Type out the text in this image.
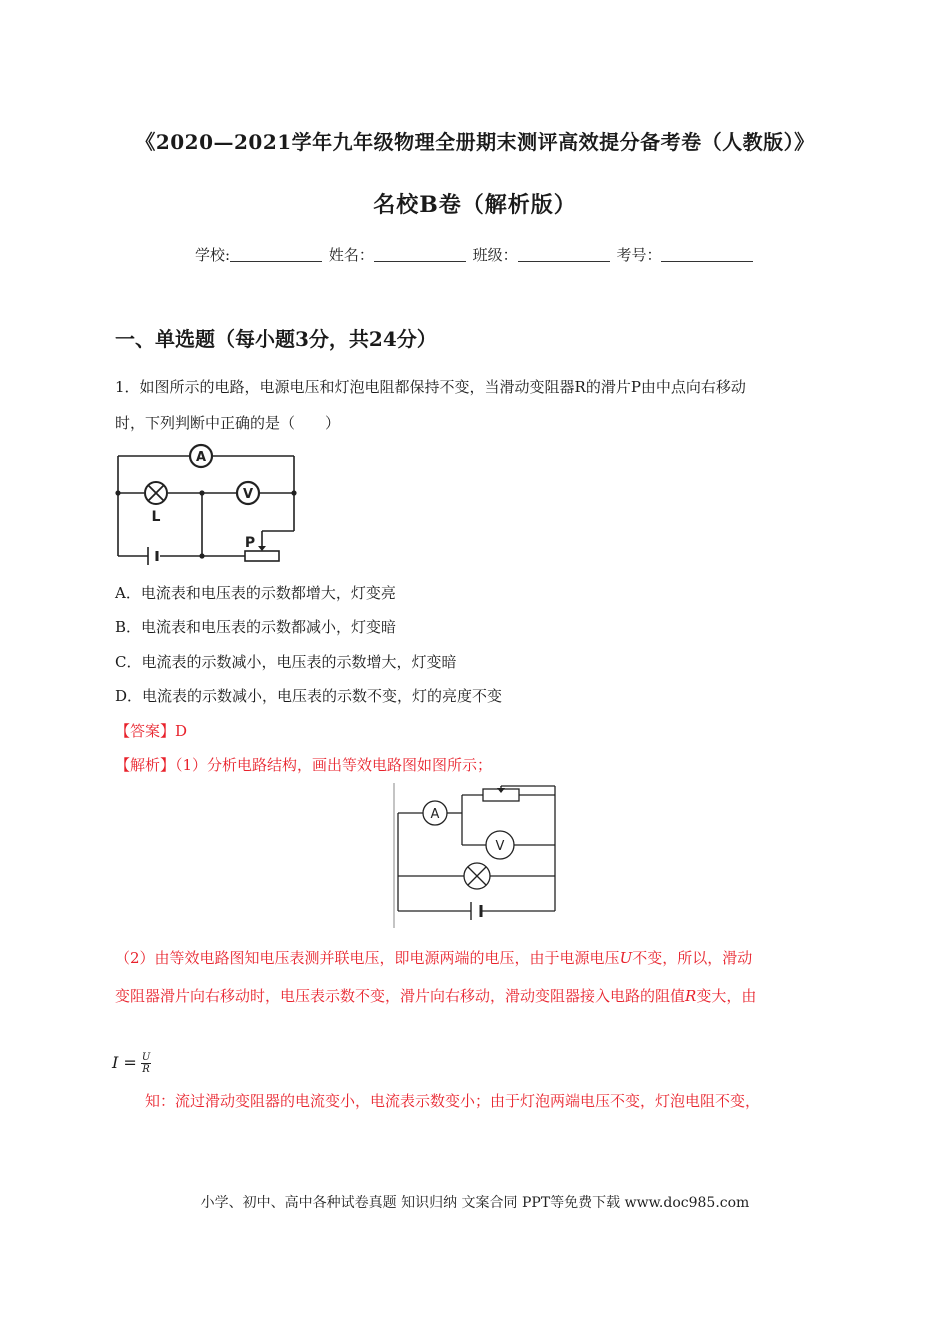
《2020—2021学年九年级物理全册期末测评高效提分备考卷（人教版）》
名校B卷（解析版）
学校:	姓名：	班级：	考号：
一、单选题（每小题3分，共24分）
1．如图所示的电路，电源电压和灯泡电阻都保持不变，当滑动变阻器R的滑片P由中点向右移动
时，下列判断中正确的是（　　）
A
L
V
P
A．电流表和电压表的示数都增大，灯变亮
B．电流表和电压表的示数都减小，灯变暗
C．电流表的示数减小，电压表的示数增大，灯变暗
D．电流表的示数减小，电压表的示数不变，灯的亮度不变
【答案】D
【解析】（1）分析电路结构，画出等效电路图如图所示；
A
V
（2）由等效电路图知电压表测并联电压，即电源两端的电压，由于电源电压U不变，所以，滑动
变阻器滑片向右移动时，电压表示数不变，滑片向右移动，滑动变阻器接入电路的阻值R变大，由
$I = \frac{U}{R}$
知：流过滑动变阻器的电流变小，电流表示数变小；由于灯泡两端电压不变，灯泡电阻不变，
小学、初中、高中各种试卷真题 知识归纳 文案合同 PPT等免费下载 www.doc985.com
